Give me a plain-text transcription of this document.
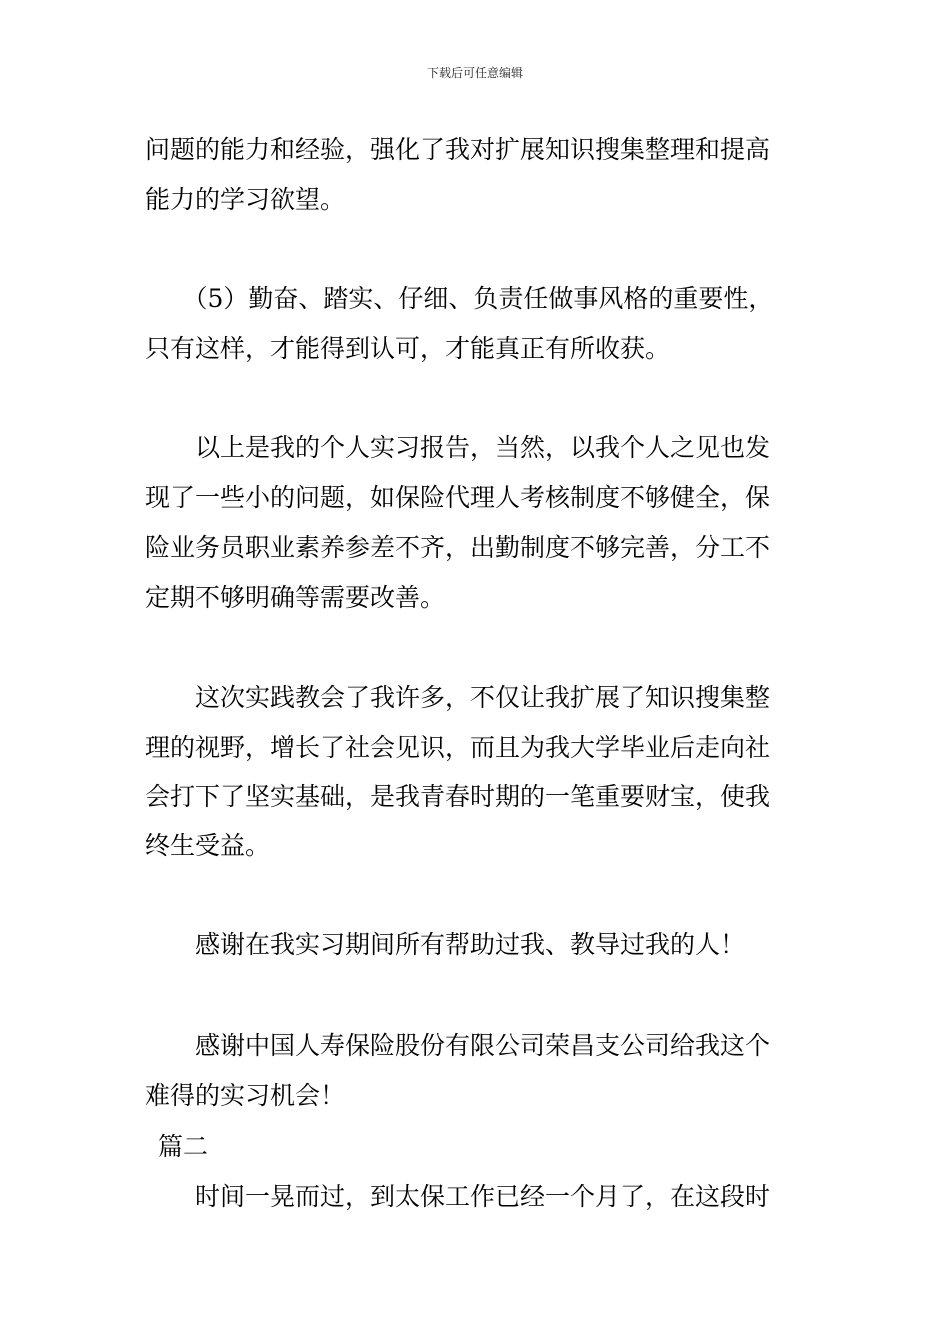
下载后可任意编辑
问题的能力和经验，强化了我对扩展知识搜集整理和提高
能力的学习欲望。
　　（5）勤奋、踏实、仔细、负责任做事风格的重要性，
只有这样，才能得到认可，才能真正有所收获。
　　以上是我的个人实习报告，当然，以我个人之见也发
现了一些小的问题，如保险代理人考核制度不够健全，保
险业务员职业素养参差不齐，出勤制度不够完善，分工不
定期不够明确等需要改善。
　　这次实践教会了我许多，不仅让我扩展了知识搜集整
理的视野，增长了社会见识，而且为我大学毕业后走向社
会打下了坚实基础，是我青春时期的一笔重要财宝，使我
终生受益。
　　感谢在我实习期间所有帮助过我、教导过我的人！
　　感谢中国人寿保险股份有限公司荣昌支公司给我这个
难得的实习机会！
篇二
　　时间一晃而过，到太保工作已经一个月了，在这段时
